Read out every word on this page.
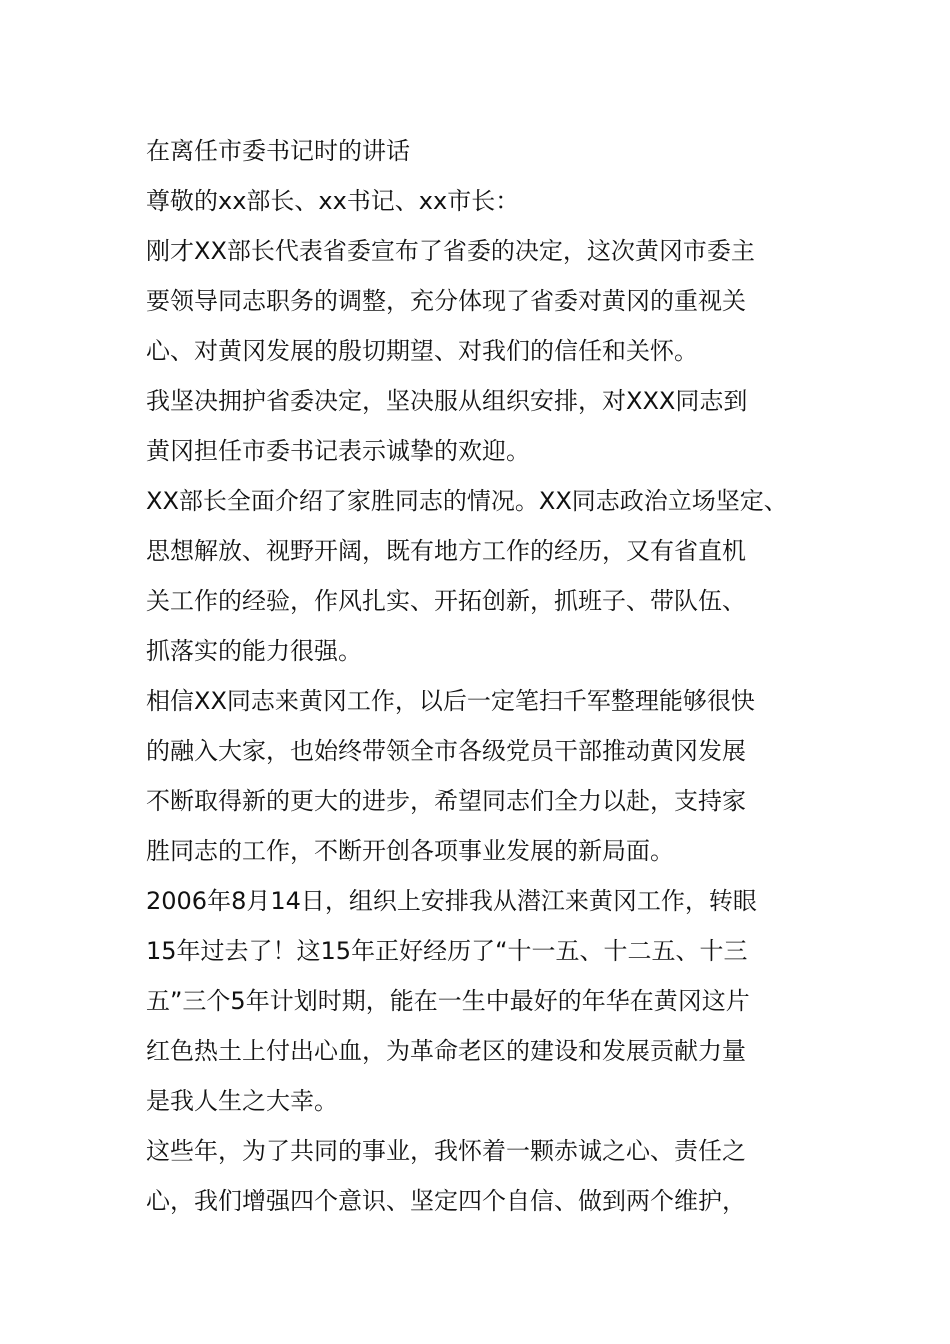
在离任市委书记时的讲话
尊敬的xx部长、xx书记、xx市长：
刚才XX部长代表省委宣布了省委的决定，这次黄冈市委主
要领导同志职务的调整，充分体现了省委对黄冈的重视关
心、对黄冈发展的殷切期望、对我们的信任和关怀。
我坚决拥护省委决定，坚决服从组织安排，对XXX同志到
黄冈担任市委书记表示诚挚的欢迎。
XX部长全面介绍了家胜同志的情况。XX同志政治立场坚定、
思想解放、视野开阔，既有地方工作的经历，又有省直机
关工作的经验，作风扎实、开拓创新，抓班子、带队伍、
抓落实的能力很强。
相信XX同志来黄冈工作，以后一定笔扫千军整理能够很快
的融入大家，也始终带领全市各级党员干部推动黄冈发展
不断取得新的更大的进步，希望同志们全力以赴，支持家
胜同志的工作，不断开创各项事业发展的新局面。
2006年8月14日，组织上安排我从潜江来黄冈工作，转眼
15年过去了！这15年正好经历了“十一五、十二五、十三
五”三个5年计划时期，能在一生中最好的年华在黄冈这片
红色热土上付出心血，为革命老区的建设和发展贡献力量
是我人生之大幸。
这些年，为了共同的事业，我怀着一颗赤诚之心、责任之
心，我们增强四个意识、坚定四个自信、做到两个维护，
